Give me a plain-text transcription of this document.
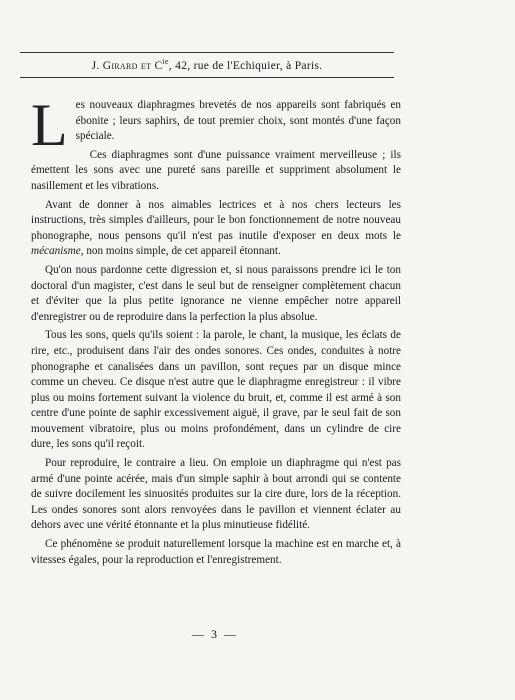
J. Girard et $C^{ie}$, 42, rue de l'Echiquier, à Paris.
L es nouveaux diaphragmes brevetés de nos appareils sont fabriqués en ébonite ; leurs saphirs, de tout premier choix, sont montés d'une façon spéciale.

Ces diaphragmes sont d'une puissance vraiment merveilleuse ; ils émettent les sons avec une pureté sans pareille et suppriment absolument le nasillement et les vibrations.

Avant de donner à nos aimables lectrices et à nos chers lecteurs les instructions, très simples d'ailleurs, pour le bon fonctionnement de notre nouveau phonographe, nous pensons qu'il n'est pas inutile d'exposer en deux mots le mécanisme, non moins simple, de cet appareil étonnant.

Qu'on nous pardonne cette digression et, si nous paraissons prendre ici le ton doctoral d'un magister, c'est dans le seul but de renseigner complètement chacun et d'éviter que la plus petite ignorance ne vienne empêcher notre appareil d'enregistrer ou de reproduire dans la perfection la plus absolue.

Tous les sons, quels qu'ils soient : la parole, le chant, la musique, les éclats de rire, etc., produisent dans l'air des ondes sonores. Ces ondes, conduites à notre phonographe et canalisées dans un pavillon, sont reçues par un disque mince comme un cheveu. Ce disque n'est autre que le diaphragme enregistreur : il vibre plus ou moins fortement suivant la violence du bruit, et, comme il est armé à son centre d'une pointe de saphir excessivement aiguë, il grave, par le seul fait de son mouvement vibratoire, plus ou moins profondément, dans un cylindre de cire dure, les sons qu'il reçoit.

Pour reproduire, le contraire a lieu. On emploie un diaphragme qui n'est pas armé d'une pointe acérée, mais d'un simple saphir à bout arrondi qui se contente de suivre docilement les sinuosités produites sur la cire dure, lors de la réception. Les ondes sonores sont alors renvoyées dans le pavillon et viennent éclater au dehors avec une vérité étonnante et la plus minutieuse fidélité.

Ce phénomène se produit naturellement lorsque la machine est en marche et, à vitesses égales, pour la reproduction et l'enregistrement.

— 3 —
